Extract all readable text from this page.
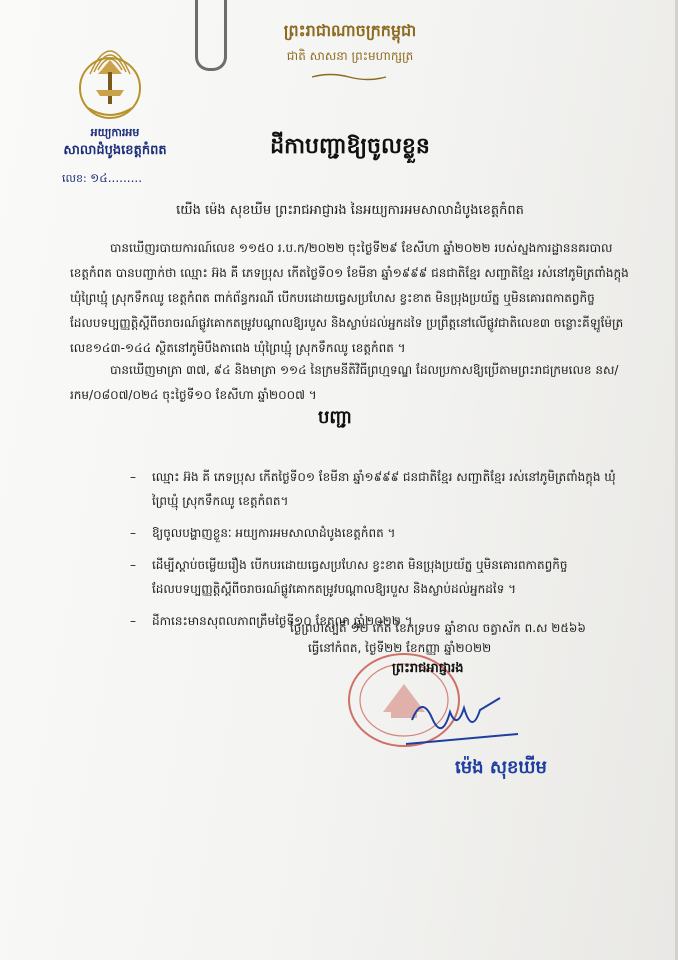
អយ្យការអម
សាលាដំបូងខេត្តកំពត
លេខ: ១៤.........
ព្រះរាជាណាចក្រកម្ពុជា
ជាតិ សាសនា ព្រះមហាក្សត្រ
ដីកាបញ្ជាឱ្យចូលខ្លួន
យើង ម៉េង សុខឃីម ព្រះរាជអាជ្ញារង នៃអយ្យការអមសាលាដំបូងខេត្តកំពត
បានឃើញរបាយការណ៍លេខ ១១៥០ រ.ប.ក/២០២២ ចុះថ្ងៃទី២៩ ខែសីហា ឆ្នាំ២០២២ របស់ស្នងការដ្ឋាននគរបាលខេត្តកំពត បានបញ្ជាក់ថា ឈ្មោះ អ៊ង គី ភេទប្រុស កើតថ្ងៃទី០១ ខែមីនា ឆ្នាំ១៩៩៩ ជនជាតិខ្មែរ សញ្ជាតិខ្មែរ រស់នៅភូមិត្រពាំងក្ដុង ឃុំព្រៃឃ្មុំ ស្រុកទឹកឈូ ខេត្តកំពត ពាក់ព័ន្ធករណី បើកបរដោយធ្វេសប្រហែស ខ្វះខាត មិនប្រុងប្រយ័ត្ន ឬមិនគោរពកាតព្វកិច្ចដែលបទប្បញ្ញត្តិស្ដីពីចរាចរណ៍ផ្លូវគោកតម្រូវបណ្ដាលឱ្យរបួស និងស្លាប់ដល់អ្នកដទៃ ប្រព្រឹត្តនៅលើផ្លូវជាតិលេខ៣ ចន្លោះគីឡូម៉ែត្រលេខ១៤៣-១៤៤ ស្ថិតនៅភូមិបឹងតាពេង ឃុំព្រៃឃ្មុំ ស្រុកទឹកឈូ ខេត្តកំពត ។
បានឃើញមាត្រា ៣៧, ៩៤ និងមាត្រា ១១៤ នៃក្រមនីតិវិធីព្រហ្មទណ្ឌ ដែលប្រកាសឱ្យប្រើតាមព្រះរាជក្រមលេខ នស/រកម/០៨០៧/០២៤ ចុះថ្ងៃទី១០ ខែសីហា ឆ្នាំ២០០៧ ។
បញ្ជា
– ឈ្មោះ អ៊ង គី ភេទប្រុស កើតថ្ងៃទី០១ ខែមីនា ឆ្នាំ១៩៩៩ ជនជាតិខ្មែរ សញ្ជាតិខ្មែរ រស់នៅភូមិត្រពាំងក្ដុង ឃុំព្រៃឃ្មុំ ស្រុកទឹកឈូ ខេត្តកំពត។
– ឱ្យចូលបង្ហាញខ្លួនៈ អយ្យការអមសាលាដំបូងខេត្តកំពត ។
– ដើម្បីស្ដាប់ចម្លើយរឿង បើកបរដោយធ្វេសប្រហែស ខ្វះខាត មិនប្រុងប្រយ័ត្ន ឬមិនគោរពកាតព្វកិច្ចដែលបទប្បញ្ញត្តិស្ដីពីចរាចរណ៍ផ្លូវគោកតម្រូវបណ្ដាលឱ្យរបួស និងស្លាប់ដល់អ្នកដទៃ ។
– ដីកានេះមានសុពលភាពត្រឹមថ្ងៃទី១០ ខែតុលា ឆ្នាំ២០២២ ។
ថ្ងៃព្រហស្បតិ៍ ១២ កើត ខែភទ្របទ ឆ្នាំខាល ចត្វាស័ក ព.ស ២៥៦៦
ធ្វើនៅកំពត, ថ្ងៃទី២២ ខែកញ្ញា ឆ្នាំ២០២២
ព្រះរាជអាជ្ញារង
ម៉េង សុខឃីម
